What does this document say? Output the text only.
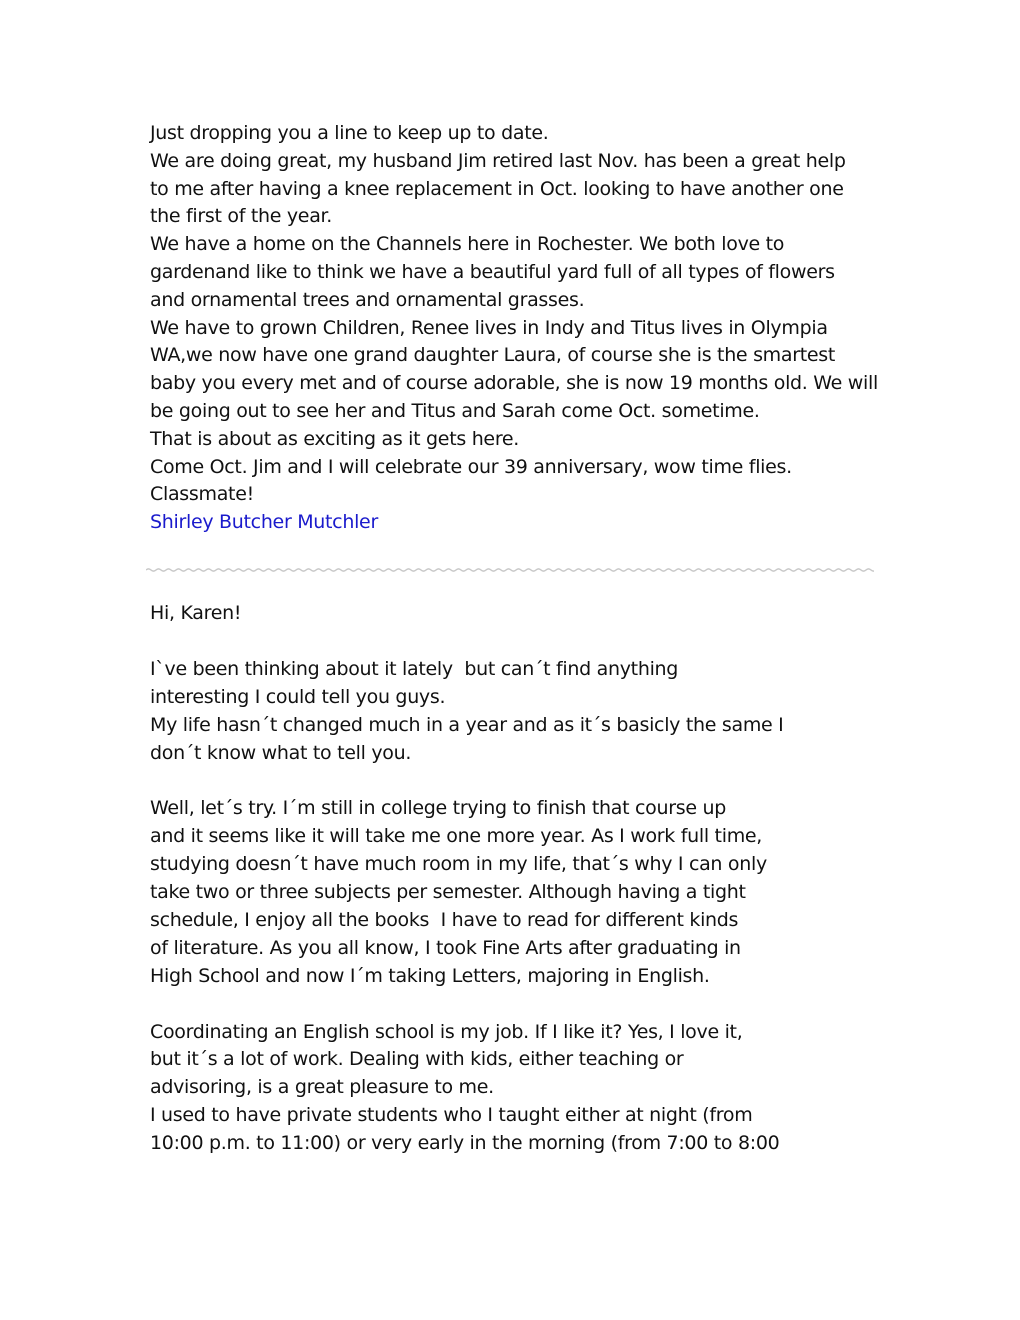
Just dropping you a line to keep up to date.
We are doing great, my husband Jim retired last Nov. has been a great help
to me after having a knee replacement in Oct. looking to have another one
the first of the year.
We have a home on the Channels here in Rochester. We both love to
gardenand like to think we have a beautiful yard full of all types of flowers
and ornamental trees and ornamental grasses.
We have to grown Children, Renee lives in Indy and Titus lives in Olympia
WA,we now have one grand daughter Laura, of course she is the smartest
baby you every met and of course adorable, she is now 19 months old. We will
be going out to see her and Titus and Sarah come Oct. sometime.
That is about as exciting as it gets here.
Come Oct. Jim and I will celebrate our 39 anniversary, wow time flies.
Classmate!
Shirley Butcher Mutchler
Hi, Karen!
I`ve been thinking about it lately  but can´t find anything
interesting I could tell you guys.
My life hasn´t changed much in a year and as it´s basicly the same I
don´t know what to tell you.
Well, let´s try. I´m still in college trying to finish that course up
and it seems like it will take me one more year. As I work full time,
studying doesn´t have much room in my life, that´s why I can only
take two or three subjects per semester. Although having a tight
schedule, I enjoy all the books  I have to read for different kinds
of literature. As you all know, I took Fine Arts after graduating in
High School and now I´m taking Letters, majoring in English.
Coordinating an English school is my job. If I like it? Yes, I love it,
but it´s a lot of work. Dealing with kids, either teaching or
advisoring, is a great pleasure to me.
I used to have private students who I taught either at night (from
10:00 p.m. to 11:00) or very early in the morning (from 7:00 to 8:00
